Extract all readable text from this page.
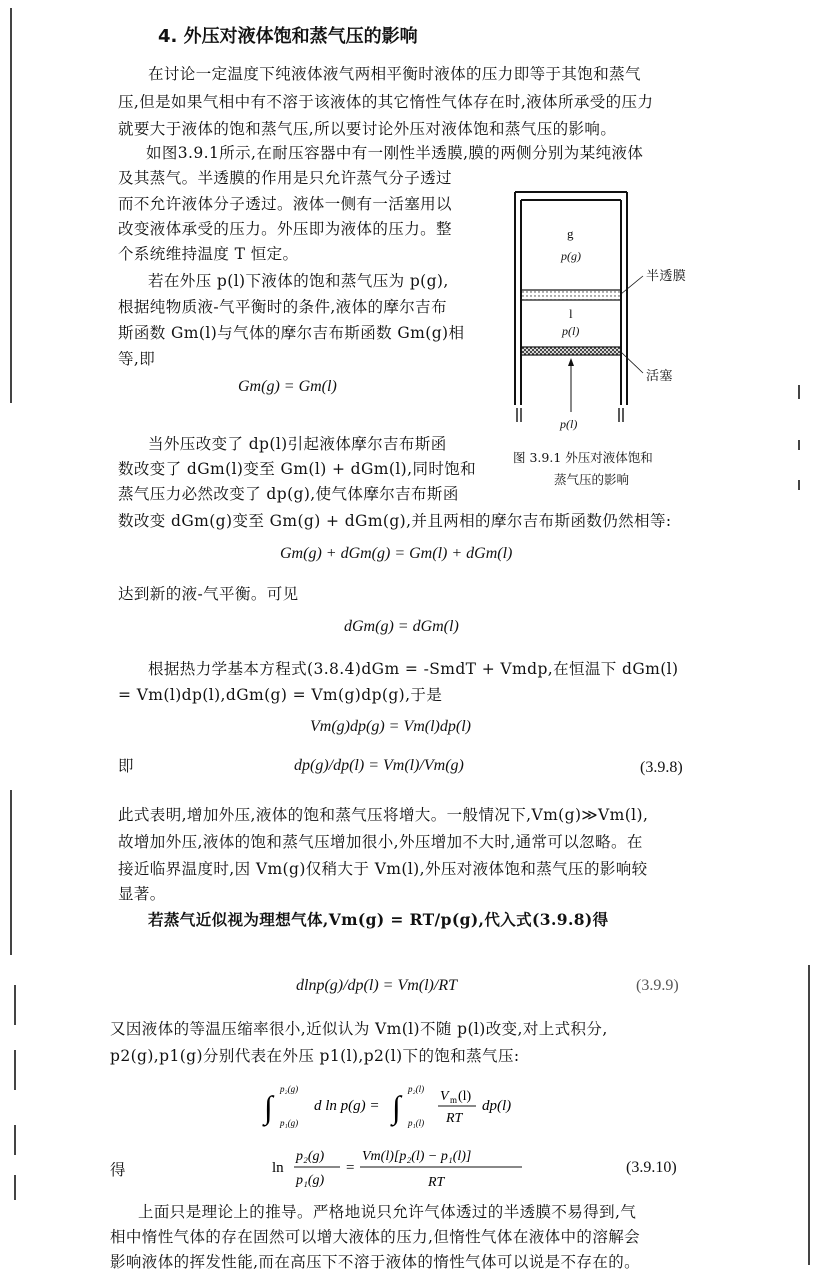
4. 外压对液体饱和蒸气压的影响
在讨论一定温度下纯液体液气两相平衡时液体的压力即等于其饱和蒸气
压,但是如果气相中有不溶于该液体的其它惰性气体存在时,液体所承受的压力
就要大于液体的饱和蒸气压,所以要讨论外压对液体饱和蒸气压的影响。
如图3.9.1所示,在耐压容器中有一刚性半透膜,膜的两侧分别为某纯液体
及其蒸气。半透膜的作用是只允许蒸气分子透过
而不允许液体分子透过。液体一侧有一活塞用以
改变液体承受的压力。外压即为液体的压力。整
个系统维持温度 T 恒定。
若在外压 p(l)下液体的饱和蒸气压为 p(g),
根据纯物质液-气平衡时的条件,液体的摩尔吉布
斯函数 Gm(l)与气体的摩尔吉布斯函数 Gm(g)相
等,即
Gm(g) = Gm(l)
当外压改变了 dp(l)引起液体摩尔吉布斯函
数改变了 dGm(l)变至 Gm(l) + dGm(l),同时饱和
蒸气压力必然改变了 dp(g),使气体摩尔吉布斯函
数改变 dGm(g)变至 Gm(g) + dGm(g),并且两相的摩尔吉布斯函数仍然相等:
g
p(g)
半透膜
l
p(l)
活塞
p(l)
图 3.9.1 外压对液体饱和
蒸气压的影响
Gm(g) + dGm(g) = Gm(l) + dGm(l)
达到新的液-气平衡。可见
dGm(g) = dGm(l)
根据热力学基本方程式(3.8.4)dGm = -SmdT + Vmdp,在恒温下 dGm(l)
= Vm(l)dp(l),dGm(g) = Vm(g)dp(g),于是
Vm(g)dp(g) = Vm(l)dp(l)
即	dp(g)/dp(l) = Vm(l)/Vm(g)	(3.9.8)
此式表明,增加外压,液体的饱和蒸气压将增大。一般情况下,Vm(g)≫Vm(l),
故增加外压,液体的饱和蒸气压增加很小,外压增加不大时,通常可以忽略。在
接近临界温度时,因 Vm(g)仅稍大于 Vm(l),外压对液体饱和蒸气压的影响较
显著。
若蒸气近似视为理想气体,Vm(g) = RT/p(g),代入式(3.9.8)得
dlnp(g)/dp(l) = Vm(l)/RT	(3.9.9)
又因液体的等温压缩率很小,近似认为 Vm(l)不随 p(l)改变,对上式积分,
p2(g),p1(g)分别代表在外压 p1(l),p2(l)下的饱和蒸气压:
∫ p₂(g)
p₁(g)
d ln p(g) = ∫ p₂(l)
p₁(l)
V m (l)
RT
dp(l)
得	ln
p₂(g)
p₁(g)
=
Vm(l)[p₂(l) − p₁(l)]
RT
(3.9.10)
上面只是理论上的推导。严格地说只允许气体透过的半透膜不易得到,气
相中惰性气体的存在固然可以增大液体的压力,但惰性气体在液体中的溶解会
影响液体的挥发性能,而在高压下不溶于液体的惰性气体可以说是不存在的。
